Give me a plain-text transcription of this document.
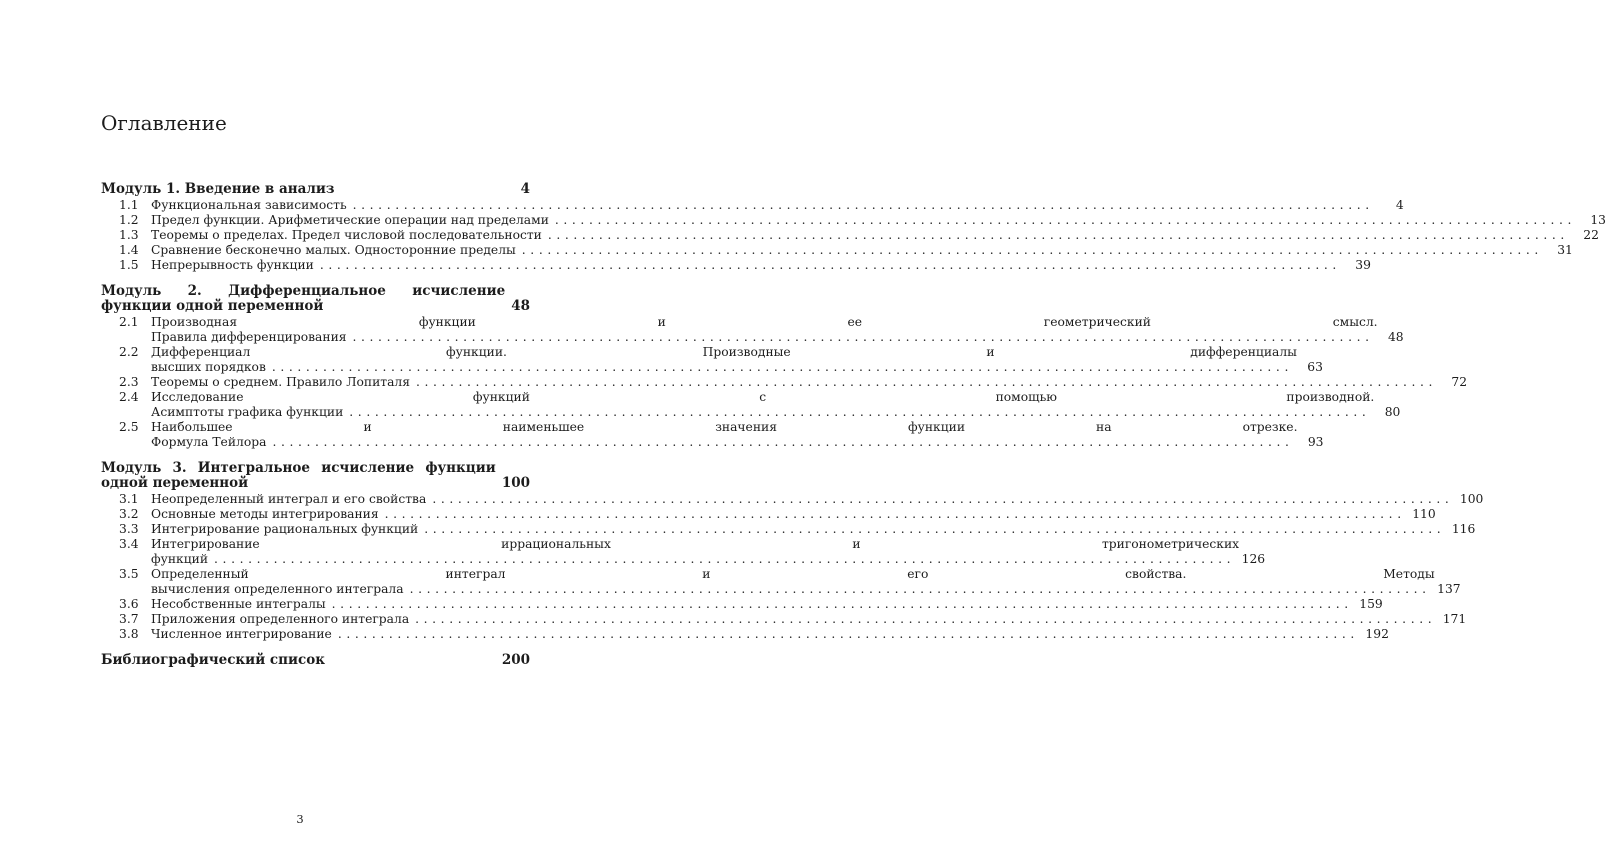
Оглавление
Модуль 1. Введение в анализ	4
1.1	Функциональная зависимость ........................................................................................................................	4
1.2	Предел функции. Арифметические операции над пределами ........................................................................................................................	13
1.3	Теоремы о пределах. Предел числовой последовательности ........................................................................................................................	22
1.4	Сравнение бесконечно малых. Односторонние пределы ........................................................................................................................	31
1.5	Непрерывность функции ........................................................................................................................	39
Модуль 2. Дифференциальное исчисление функции одной переменной	48
2.1	Производная функции и ее геометрический смысл.
Правила дифференцирования ........................................................................................................................	48
2.2	Дифференциал функции. Производные и дифференциалы
высших порядков ........................................................................................................................	63
2.3	Теоремы о среднем. Правило Лопиталя ........................................................................................................................	72
2.4	Исследование функций с помощью производной.
Асимптоты графика функции ........................................................................................................................	80
2.5	Наибольшее и наименьшее значения функции на отрезке.
Формула Тейлора ........................................................................................................................	93
Модуль 3. Интегральное исчисление функции одной переменной	100
3.1	Неопределенный интеграл и его свойства ........................................................................................................................ 100
3.2	Основные методы интегрирования ........................................................................................................................ 110
3.3	Интегрирование рациональных функций ........................................................................................................................ 116
3.4	Интегрирование иррациональных и тригонометрических
функций ........................................................................................................................ 126
3.5	Определенный интеграл и его свойства. Методы
вычисления определенного интеграла ........................................................................................................................ 137
3.6	Несобственные интегралы ........................................................................................................................ 159
3.7	Приложения определенного интеграла ........................................................................................................................ 171
3.8	Численное интегрирование ........................................................................................................................ 192
Библиографический список	200
3
